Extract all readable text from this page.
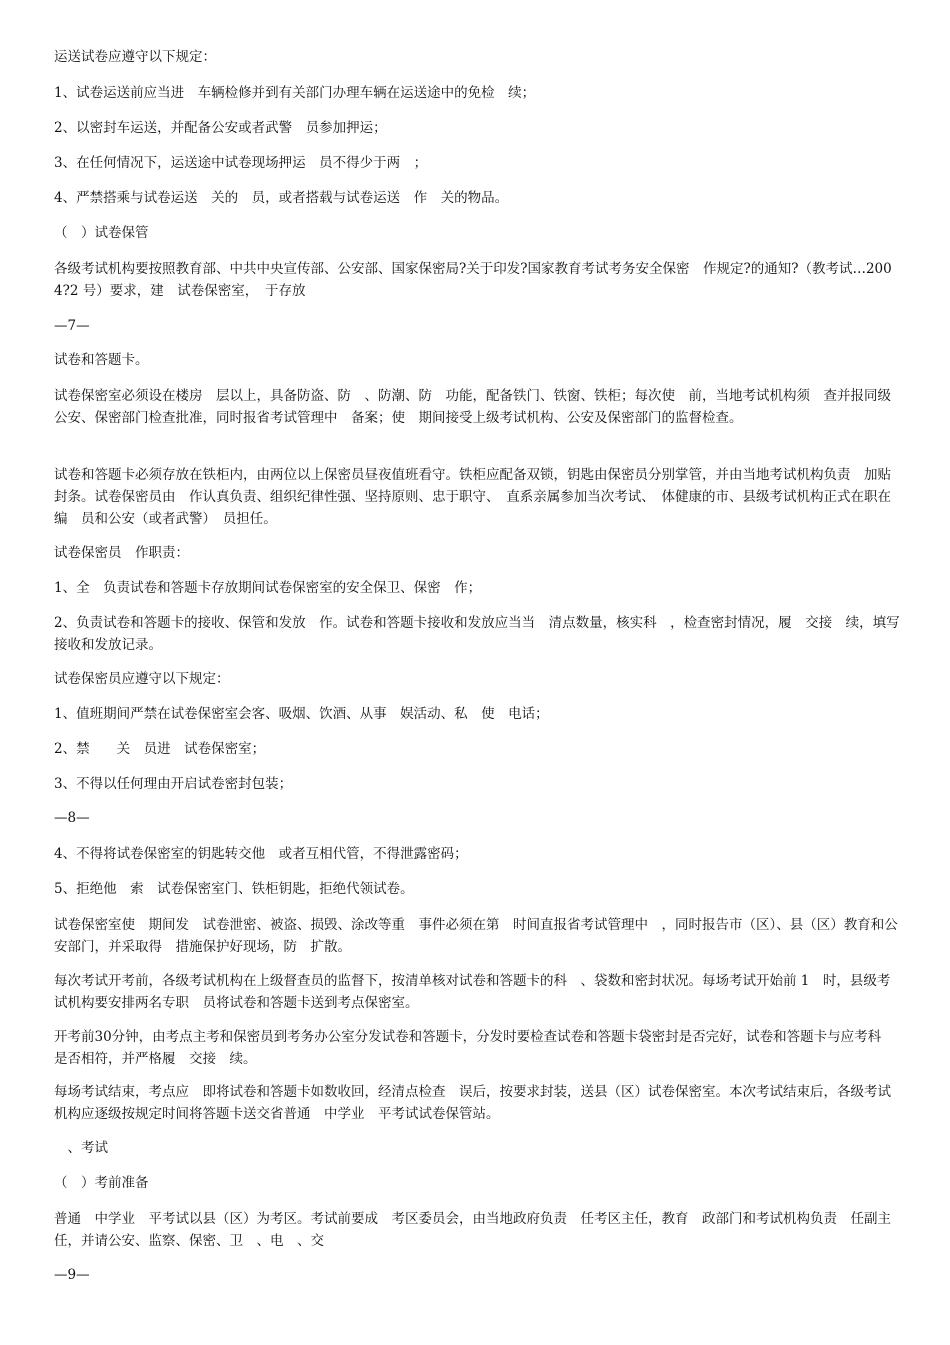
运送试卷应遵守以下规定：

1、试卷运送前应当进　车辆检修并到有关部门办理车辆在运送途中的免检　续；

2、以密封车运送，并配备公安或者武警　员参加押运；

3、在任何情况下，运送途中试卷现场押运　员不得少于两　；

4、严禁搭乘与试卷运送　关的　员，或者搭载与试卷运送　作　关的物品。

（　）试卷保管

各级考试机构要按照教育部、中共中央宣传部、公安部、国家保密局?关于印发?国家教育考试考务安全保密　作规定?的通知?（教考试…2004?2 号）要求，建　试卷保密室，　于存放

—7—

试卷和答题卡。

试卷保密室必须设在楼房　层以上，具备防盗、防　、防潮、防　功能，配备铁门、铁窗、铁柜；每次使　前，当地考试机构须　查并报同级公安、保密部门检查批准，同时报省考试管理中　备案；使　期间接受上级考试机构、公安及保密部门的监督检查。

试卷和答题卡必须存放在铁柜内，由两位以上保密员昼夜值班看守。铁柜应配备双锁，钥匙由保密员分别掌管，并由当地考试机构负责　加贴封条。试卷保密员由　作认真负责、组织纪律性强、坚持原则、忠于职守、　直系亲属参加当次考试、　体健康的市、县级考试机构正式在职在编　员和公安（或者武警）　员担任。

试卷保密员　作职责：

1、全　负责试卷和答题卡存放期间试卷保密室的安全保卫、保密　作；

2、负责试卷和答题卡的接收、保管和发放　作。试卷和答题卡接收和发放应当当　清点数量，核实科　，检查密封情况，履　交接　续，填写接收和发放记录。

试卷保密员应遵守以下规定：

1、值班期间严禁在试卷保密室会客、吸烟、饮酒、从事　娱活动、私　使　电话；

2、禁　　关　员进　试卷保密室；

3、不得以任何理由开启试卷密封包装；

—8—

4、不得将试卷保密室的钥匙转交他　或者互相代管，不得泄露密码；

5、拒绝他　索　试卷保密室门、铁柜钥匙，拒绝代领试卷。

试卷保密室使　期间发　试卷泄密、被盗、损毁、涂改等重　事件必须在第　时间直报省考试管理中　，同时报告市（区）、县（区）教育和公安部门，并采取得　措施保护好现场，防　扩散。

每次考试开考前，各级考试机构在上级督查员的监督下，按清单核对试卷和答题卡的科　、袋数和密封状况。每场考试开始前 1　时，县级考试机构要安排两名专职　员将试卷和答题卡送到考点保密室。

开考前30分钟，由考点主考和保密员到考务办公室分发试卷和答题卡，分发时要检查试卷和答题卡袋密封是否完好，试卷和答题卡与应考科　是否相符，并严格履　交接　续。

每场考试结束，考点应　即将试卷和答题卡如数收回，经清点检查　误后，按要求封装，送县（区）试卷保密室。本次考试结束后，各级考试机构应逐级按规定时间将答题卡送交省普通　中学业　平考试试卷保管站。

　、考试

（　）考前准备

普通　中学业　平考试以县（区）为考区。考试前要成　考区委员会，由当地政府负责　任考区主任，教育　政部门和考试机构负责　任副主任，并请公安、监察、保密、卫　、电　、交

—9—
